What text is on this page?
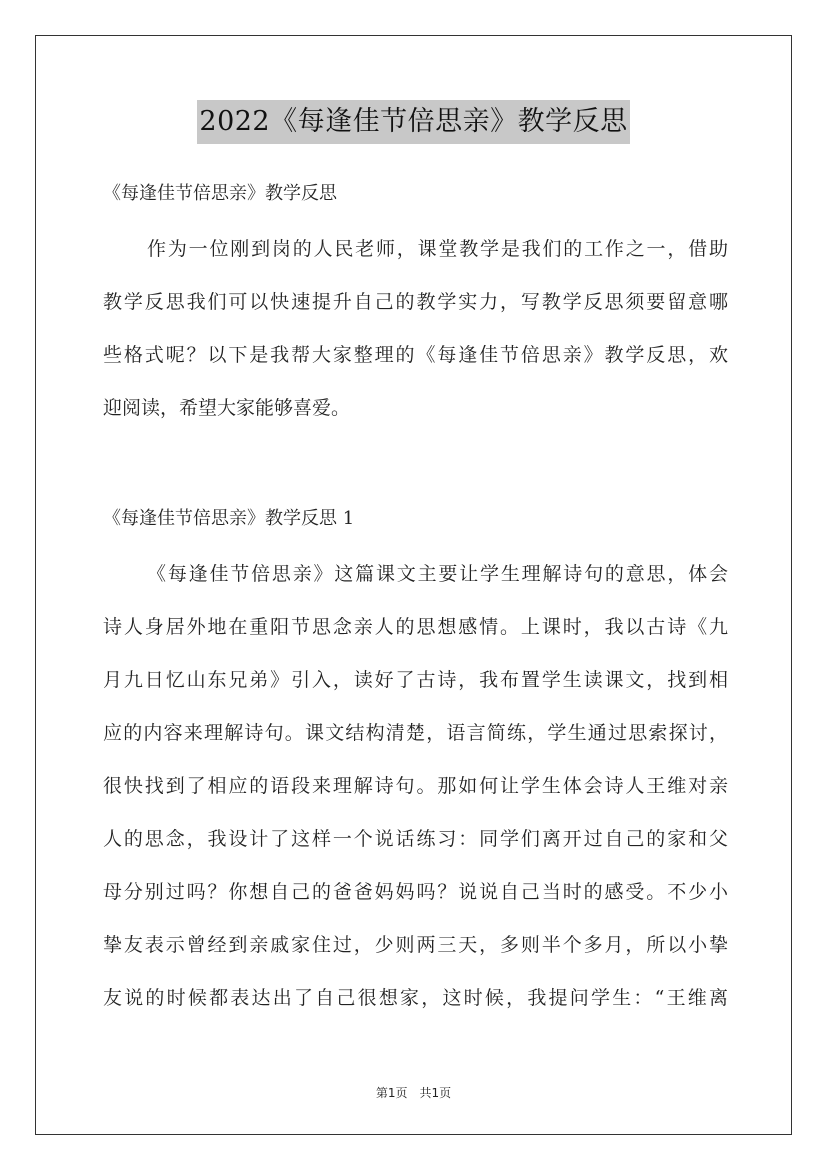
2022《每逢佳节倍思亲》教学反思
《每逢佳节倍思亲》教学反思
作为一位刚到岗的人民老师，课堂教学是我们的工作之一，借助
教学反思我们可以快速提升自己的教学实力，写教学反思须要留意哪
些格式呢？以下是我帮大家整理的《每逢佳节倍思亲》教学反思，欢
迎阅读，希望大家能够喜爱。
《每逢佳节倍思亲》教学反思 1
《每逢佳节倍思亲》这篇课文主要让学生理解诗句的意思，体会
诗人身居外地在重阳节思念亲人的思想感情。上课时，我以古诗《九
月九日忆山东兄弟》引入，读好了古诗，我布置学生读课文，找到相
应的内容来理解诗句。课文结构清楚，语言简练，学生通过思索探讨，
很快找到了相应的语段来理解诗句。那如何让学生体会诗人王维对亲
人的思念，我设计了这样一个说话练习：同学们离开过自己的家和父
母分别过吗？你想自己的爸爸妈妈吗？说说自己当时的感受。不少小
挚友表示曾经到亲戚家住过，少则两三天，多则半个多月，所以小挚
友说的时候都表达出了自己很想家，这时候，我提问学生：“王维离
第1页　共1页
